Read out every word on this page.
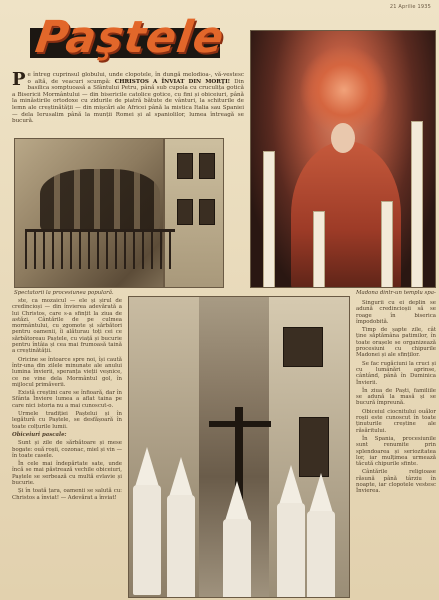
21 Aprilie 1935
Paştele
P e întreg cuprinsul globului, unde clopotele, în dungă melodioa-, vă-vestesc o altă, de veacuri scumpă: CHRISTOS A ÎNVIAT DIN MORŢI! Din basilica somptuoasă a Sfântului Petru, până sub cupola cu cruculița gotică a Bisericii Mormântului — din bisericile catolice gotice, cu fini și obiceiuri, până la minăstirile ortodoxe cu zidurile de piatră bătute de vânturi, la schiturile de lemn ale creștinătății — din mișcări ale Africei până la mistica Italia sau Spaniei — dela Ierusalim până la munții Romei și al spaniolilor, lumea întreagă se bucură.
Spectatorii la procesiunea populară.	Madona dintr-un templu spa-

ste, ca mozaicul — ele și șirul de credincioși — din învierea adevărată a lui Christos, care s-a sfințit la ziua de astăzi. Cântările de pe culmea mormântului, cu zgomote și sărbători pentru oamenii, îi alăturau toți cei ce sărbătoreau Paștele, cu viață și bucurie pentru întâia și cea mai frumoasă taină a creștinătății.

Oricine se întoarce spre noi, își caută într-una din zilele minunate ale anului lumina învierii, speranța vieții veșnice, ce ne vine dela Mormântul gol, în mijlocul primăverii.

Există creștini care se înfioară, dar în Sfânta Înviere lumea a aflat taina pe care nici istoria nu a mai cunoscut-o.

Urmele tradiției Paștelui și în legătură cu Paștele, se desfășoară în toate colțurile lumii.

Obiceiuri pascale:

Sunt și zile de sărbătoare și mese bogate: ouă roșii, cozonac, miel și vin — în toate casele.

În cele mai îndepărtate sate, unde încă se mai păstrează vechile obiceiuri, Paștele se serbează cu multă evlavie și bucurie.

Și în toată țara, oamenii se salută cu: Christos a înviat! — Adevărat a înviat!

Singurii cu ei deplin se adună credincioșii să se roage în biserica împodobită.

Timp de șapte zile, cât ține săptămâna patimilor, în toate orașele se organizează procesiuni cu chipurile Madonei și ale sfinților.

Se fac rugăciuni la cruci și cu lumânări aprinse, cântând, până în Duminica Învierii.

În ziua de Paști, familiile se adună la masă și se bucură împreună.

Obiceiul ciocnitului ouălor roșii este cunoscut în toate ținuturile creștine ale răsăritului.

În Spania, procesiunile sunt renumite prin splendoarea și seriozitatea lor, iar mulțimea urmează tăcută chipurile sfinte.

Cântările religioase răsună până târziu în noapte, iar clopotele vestesc Învierea.
